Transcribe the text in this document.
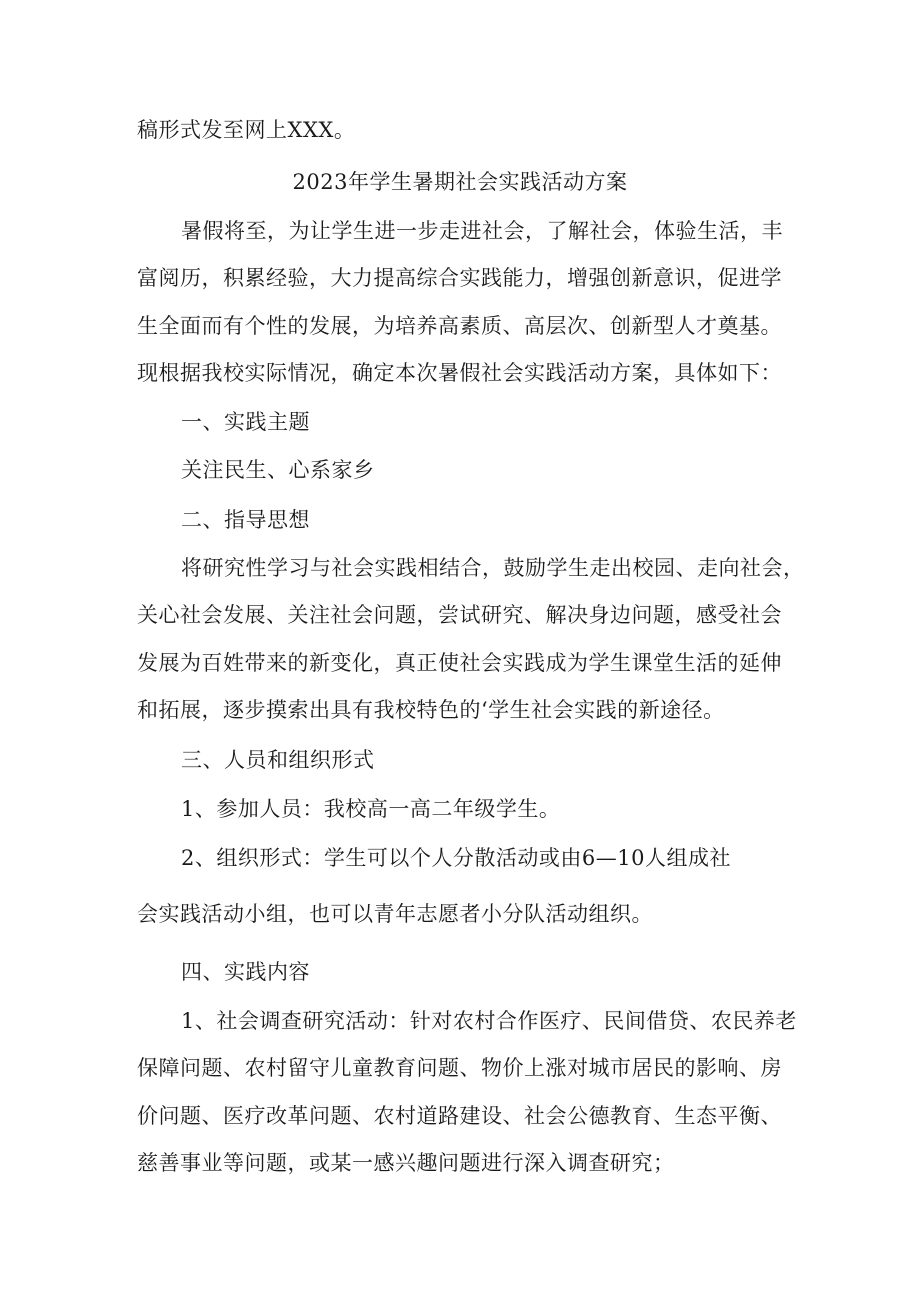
稿形式发至网上XXX。

2023年学生暑期社会实践活动方案

暑假将至，为让学生进一步走进社会，了解社会，体验生活，丰

富阅历，积累经验，大力提高综合实践能力，增强创新意识，促进学

生全面而有个性的发展，为培养高素质、高层次、创新型人才奠基。

现根据我校实际情况，确定本次暑假社会实践活动方案，具体如下：

一、实践主题

关注民生、心系家乡

二、指导思想

将研究性学习与社会实践相结合，鼓励学生走出校园、走向社会，

关心社会发展、关注社会问题，尝试研究、解决身边问题，感受社会

发展为百姓带来的新变化，真正使社会实践成为学生课堂生活的延伸

和拓展，逐步摸索出具有我校特色的‘学生社会实践的新途径。

三、人员和组织形式

1、参加人员：我校高一高二年级学生。

2、组织形式：学生可以个人分散活动或由6—10人组成社

会实践活动小组，也可以青年志愿者小分队活动组织。

四、实践内容

1、社会调查研究活动：针对农村合作医疗、民间借贷、农民养老

保障问题、农村留守儿童教育问题、物价上涨对城市居民的影响、房

价问题、医疗改革问题、农村道路建设、社会公德教育、生态平衡、

慈善事业等问题，或某一感兴趣问题进行深入调查研究；
